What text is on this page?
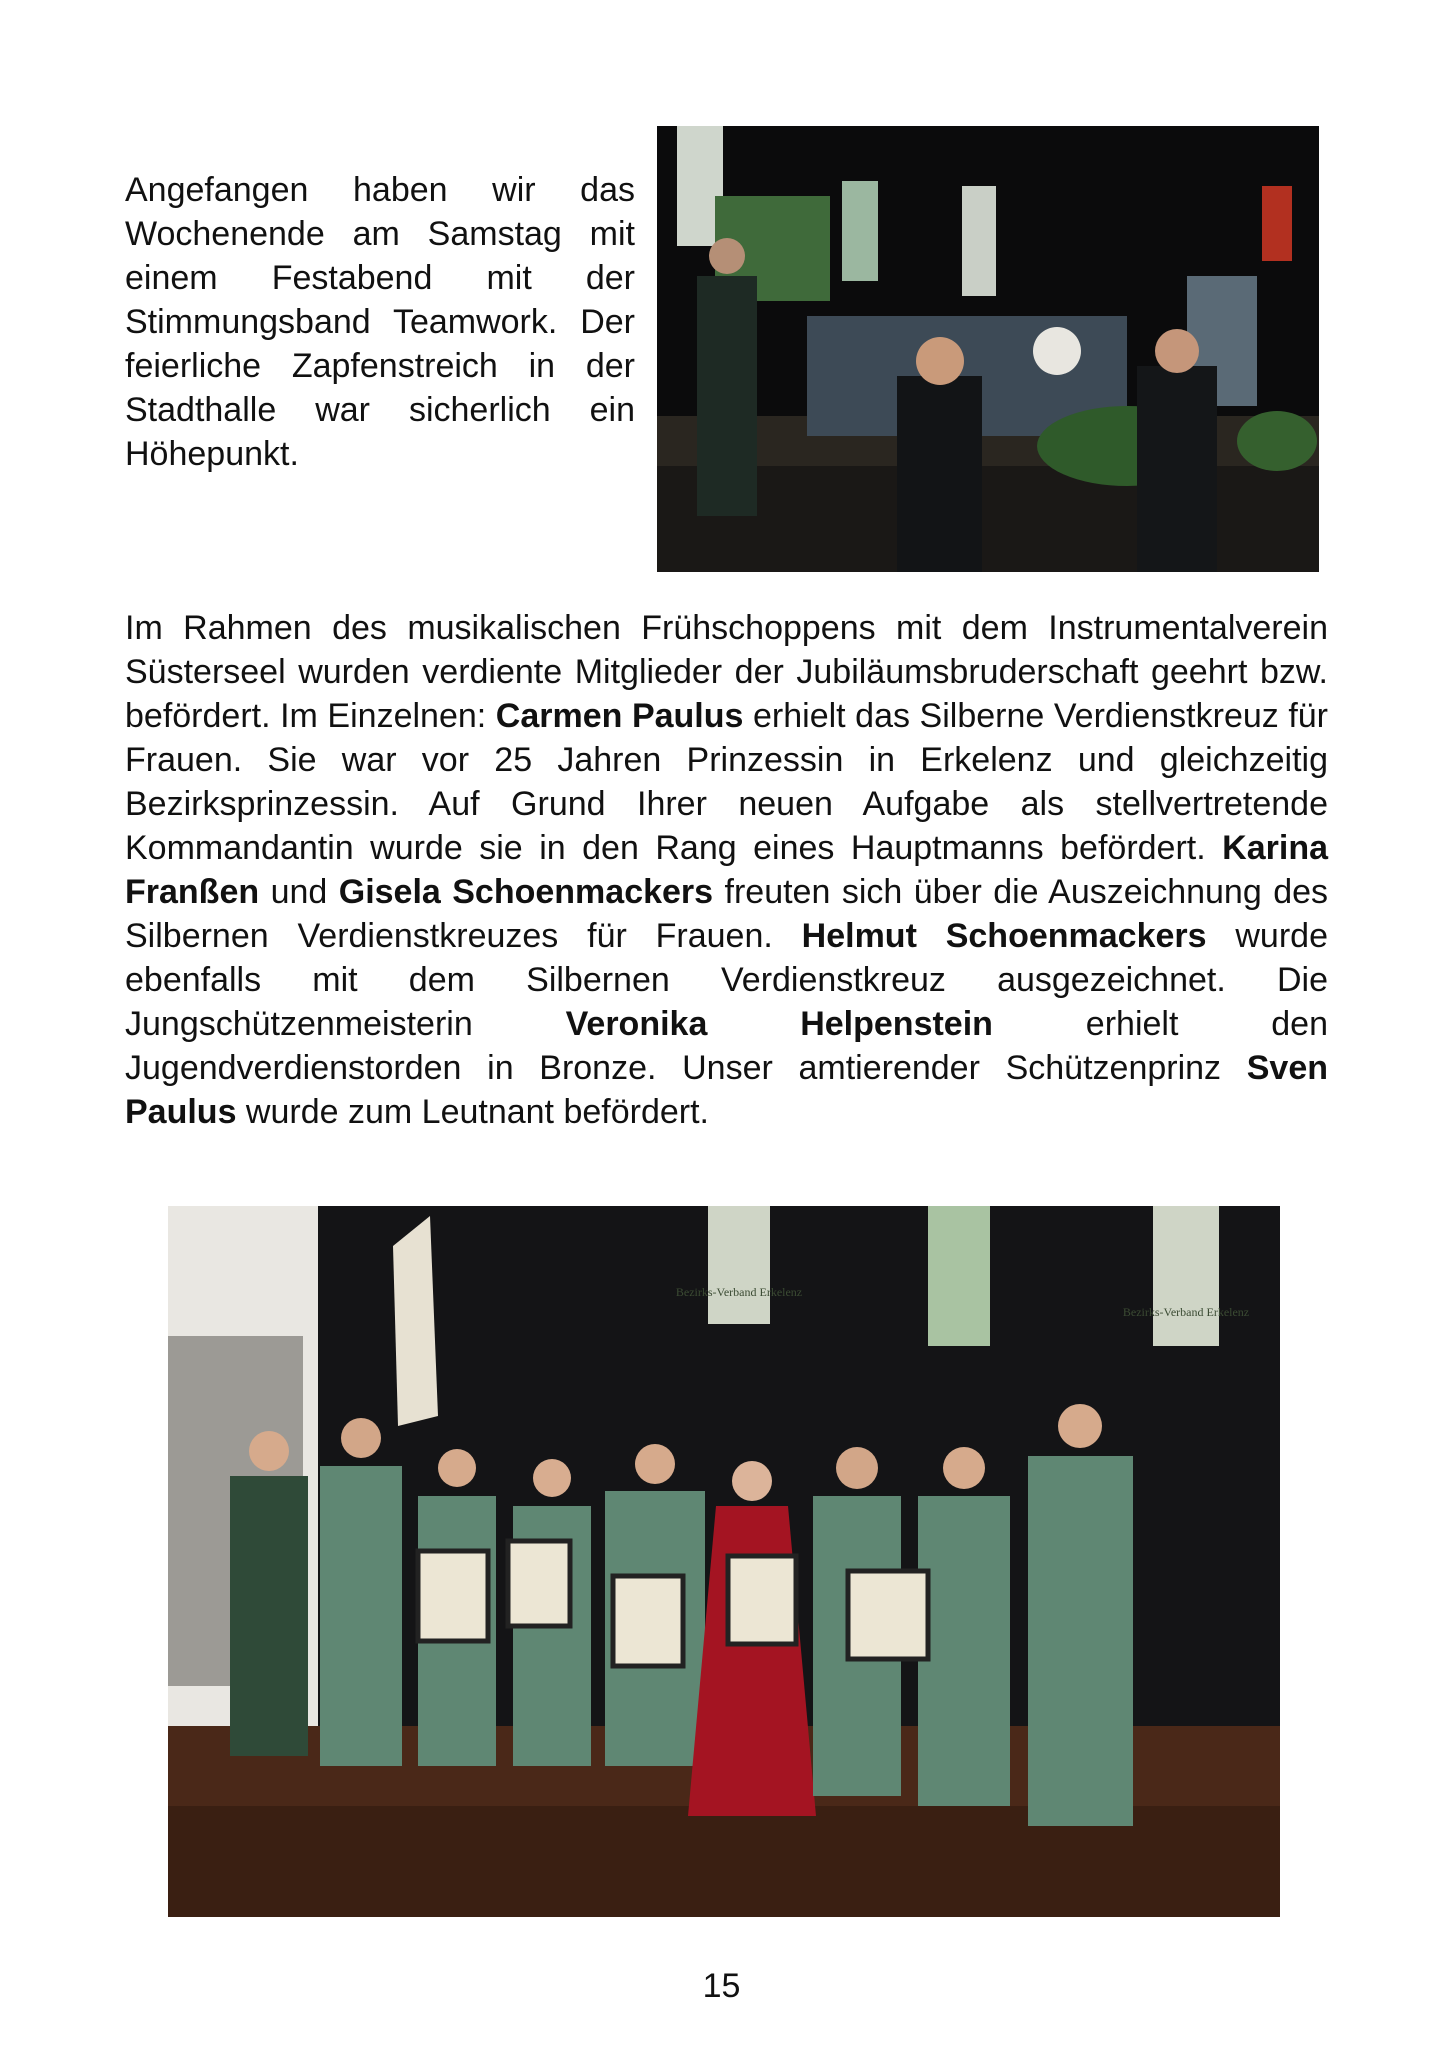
Angefangen haben wir das Wochenende am Samstag mit einem Festabend mit der Stimmungsband Teamwork. Der feierliche Zapfenstreich in der Stadthalle war sicherlich ein Höhepunkt.

Im Rahmen des musikalischen Frühschoppens mit dem Instrumentalverein Süsterseel wurden verdiente Mitglieder der Jubiläumsbruderschaft geehrt bzw. befördert. Im Einzelnen: Carmen Paulus erhielt das Silberne Verdienstkreuz für Frauen. Sie war vor 25 Jahren Prinzessin in Erkelenz und gleichzeitig Bezirksprinzessin. Auf Grund Ihrer neuen Aufgabe als stellvertretende Kommandantin wurde sie in den Rang eines Hauptmanns befördert. Karina Franßen und Gisela Schoenmackers freuten sich über die Auszeichnung des Silbernen Verdienstkreuzes für Frauen. Helmut Schoenmackers wurde ebenfalls mit dem Silbernen Verdienstkreuz ausgezeichnet. Die Jungschützenmeisterin Veronika Helpenstein erhielt den Jugendverdienstorden in Bronze. Unser amtierender Schützenprinz Sven Paulus wurde zum Leutnant befördert.

Bezirks-Verband Erkelenz
Bezirks-Verband Erkelenz
15
